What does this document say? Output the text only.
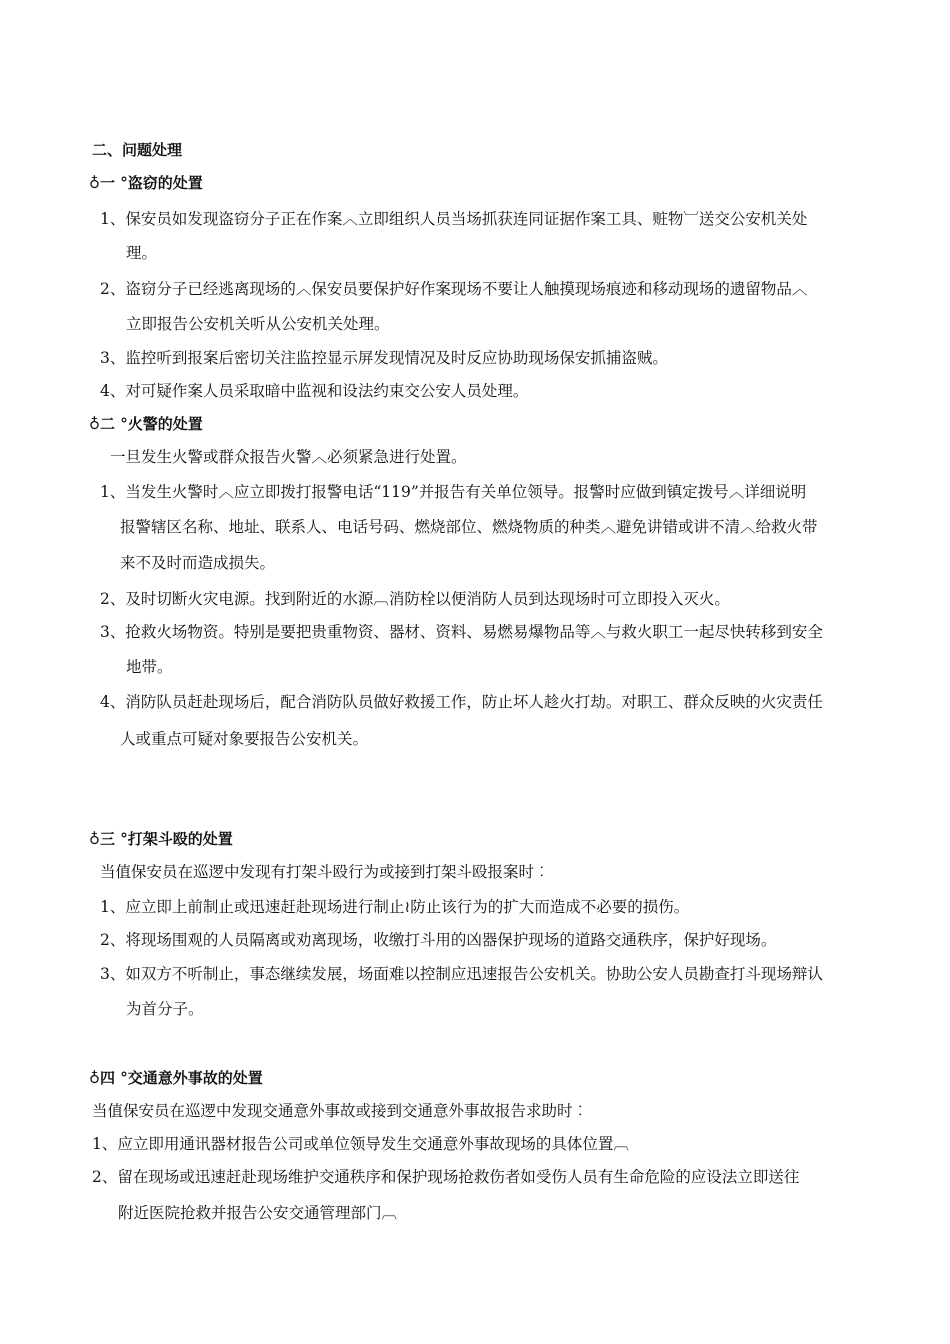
二、问题处理
♁一 °盗窃的处置
1、保安员如发现盗窃分子正在作案︿立即组织人员当场抓获连同证据作案工具、赃物︺送交公安机关处
理。
2、盗窃分子已经逃离现场的︿保安员要保护好作案现场不要让人触摸现场痕迹和移动现场的遗留物品︿
立即报告公安机关听从公安机关处理。
3、监控听到报案后密切关注监控显示屏发现情况及时反应协助现场保安抓捕盗贼。
4、对可疑作案人员采取暗中监视和设法约束交公安人员处理。
♁二 °火警的处置
一旦发生火警或群众报告火警︿必须紧急进行处置。
1、当发生火警时︿应立即拨打报警电话“119”并报告有关单位领导。报警时应做到镇定拨号︿详细说明
报警辖区名称、地址、联系人、电话号码、燃烧部位、燃烧物质的种类︿避免讲错或讲不清︿给救火带
来不及时而造成损失。
2、及时切断火灾电源。找到附近的水源︹消防栓以便消防人员到达现场时可立即投入灭火。
3、抢救火场物资。特别是要把贵重物资、器材、资料、易燃易爆物品等︿与救火职工一起尽快转移到安全
地带。
4、消防队员赶赴现场后，配合消防队员做好救援工作，防止坏人趁火打劫。对职工、群众反映的火灾责任
人或重点可疑对象要报告公安机关。
♁三 °打架斗殴的处置
当值保安员在巡逻中发现有打架斗殴行为或接到打架斗殴报案时︰
1、应立即上前制止或迅速赶赴现场进行制止≀防止该行为的扩大而造成不必要的损伤。
2、将现场围观的人员隔离或劝离现场，收缴打斗用的凶器保护现场的道路交通秩序，保护好现场。
3、如双方不听制止，事态继续发展，场面难以控制应迅速报告公安机关。协助公安人员勘查打斗现场辩认
为首分子。
♁四 °交通意外事故的处置
当值保安员在巡逻中发现交通意外事故或接到交通意外事故报告求助时︰
1、应立即用通讯器材报告公司或单位领导发生交通意外事故现场的具体位置︹
2、留在现场或迅速赶赴现场维护交通秩序和保护现场抢救伤者如受伤人员有生命危险的应设法立即送往
附近医院抢救并报告公安交通管理部门︹
